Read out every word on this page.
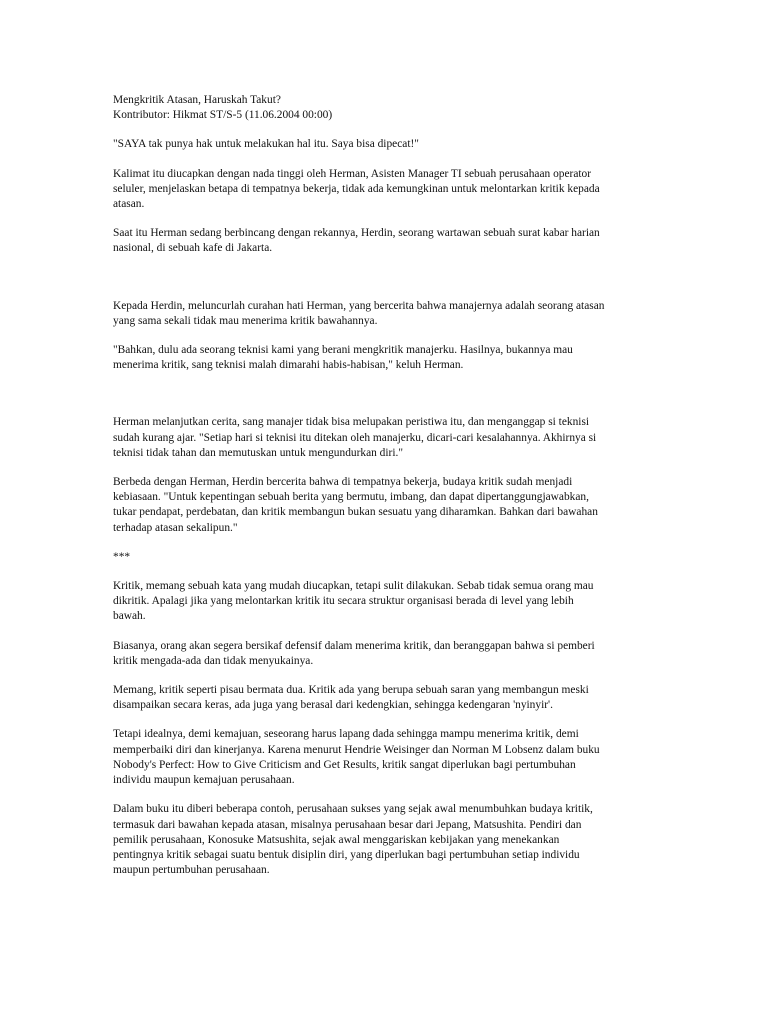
Mengkritik Atasan, Haruskah Takut?

Kontributor: Hikmat ST/S-5 (11.06.2004 00:00)

"SAYA tak punya hak untuk melakukan hal itu. Saya bisa dipecat!"

Kalimat itu diucapkan dengan nada tinggi oleh Herman, Asisten Manager TI sebuah perusahaan operator

seluler, menjelaskan betapa di tempatnya bekerja, tidak ada kemungkinan untuk melontarkan kritik kepada

atasan.

Saat itu Herman sedang berbincang dengan rekannya, Herdin, seorang wartawan sebuah surat kabar harian

nasional, di sebuah kafe di Jakarta.

Kepada Herdin, meluncurlah curahan hati Herman, yang bercerita bahwa manajernya adalah seorang atasan

yang sama sekali tidak mau menerima kritik bawahannya.

"Bahkan, dulu ada seorang teknisi kami yang berani mengkritik manajerku. Hasilnya, bukannya mau

menerima kritik, sang teknisi malah dimarahi habis-habisan," keluh Herman.

Herman melanjutkan cerita, sang manajer tidak bisa melupakan peristiwa itu, dan menganggap si teknisi

sudah kurang ajar. "Setiap hari si teknisi itu ditekan oleh manajerku, dicari-cari kesalahannya. Akhirnya si

teknisi tidak tahan dan memutuskan untuk mengundurkan diri."

Berbeda dengan Herman, Herdin bercerita bahwa di tempatnya bekerja, budaya kritik sudah menjadi

kebiasaan. "Untuk kepentingan sebuah berita yang bermutu, imbang, dan dapat dipertanggungjawabkan,

tukar pendapat, perdebatan, dan kritik membangun bukan sesuatu yang diharamkan. Bahkan dari bawahan

terhadap atasan sekalipun."

***

Kritik, memang sebuah kata yang mudah diucapkan, tetapi sulit dilakukan. Sebab tidak semua orang mau

dikritik. Apalagi jika yang melontarkan kritik itu secara struktur organisasi berada di level yang lebih

bawah.

Biasanya, orang akan segera bersikaf defensif dalam menerima kritik, dan beranggapan bahwa si pemberi

kritik mengada-ada dan tidak menyukainya.

Memang, kritik seperti pisau bermata dua. Kritik ada yang berupa sebuah saran yang membangun meski

disampaikan secara keras, ada juga yang berasal dari kedengkian, sehingga kedengaran 'nyinyir'.

Tetapi idealnya, demi kemajuan, seseorang harus lapang dada sehingga mampu menerima kritik, demi

memperbaiki diri dan kinerjanya. Karena menurut Hendrie Weisinger dan Norman M Lobsenz dalam buku

Nobody's Perfect: How to Give Criticism and Get Results, kritik sangat diperlukan bagi pertumbuhan

individu maupun kemajuan perusahaan.

Dalam buku itu diberi beberapa contoh, perusahaan sukses yang sejak awal menumbuhkan budaya kritik,

termasuk dari bawahan kepada atasan, misalnya perusahaan besar dari Jepang, Matsushita. Pendiri dan

pemilik perusahaan, Konosuke Matsushita, sejak awal menggariskan kebijakan yang menekankan

pentingnya kritik sebagai suatu bentuk disiplin diri, yang diperlukan bagi pertumbuhan setiap individu

maupun pertumbuhan perusahaan.
